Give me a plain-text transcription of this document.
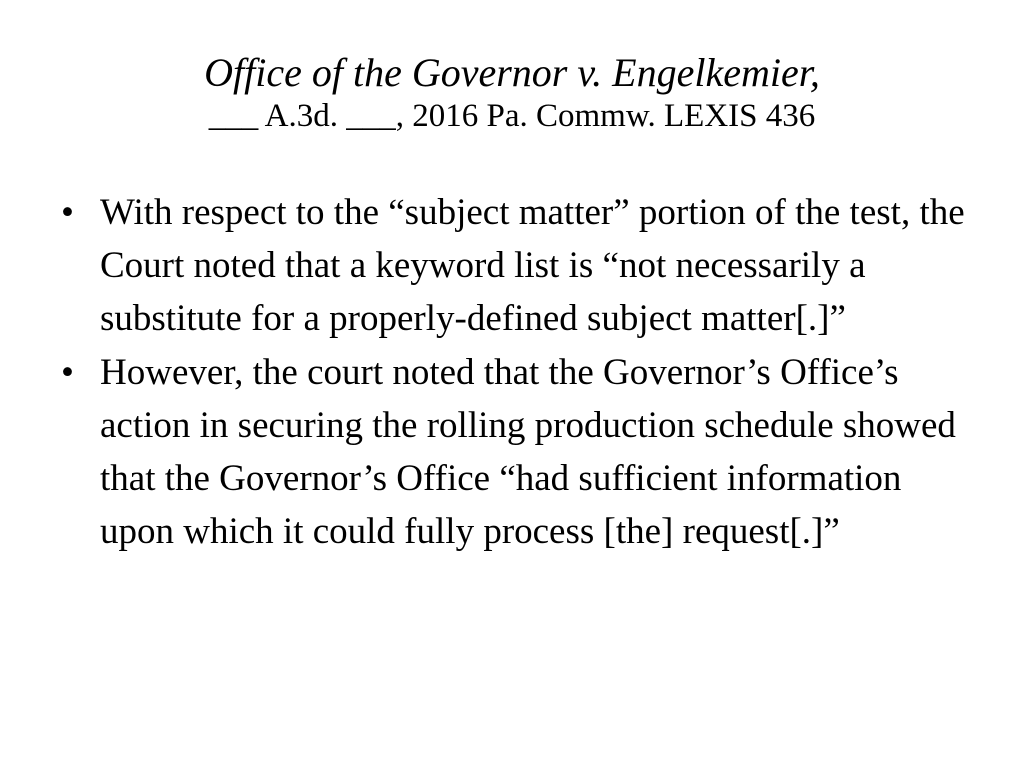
Office of the Governor v. Engelkemier,
___ A.3d. ___, 2016 Pa. Commw. LEXIS 436
• With respect to the “subject matter” portion of the test, the Court noted that a keyword list is “not necessarily a substitute for a properly-defined subject matter[.]”
• However, the court noted that the Governor’s Office’s action in securing the rolling production schedule showed that the Governor’s Office “had sufficient information upon which it could fully process [the] request[.]”
